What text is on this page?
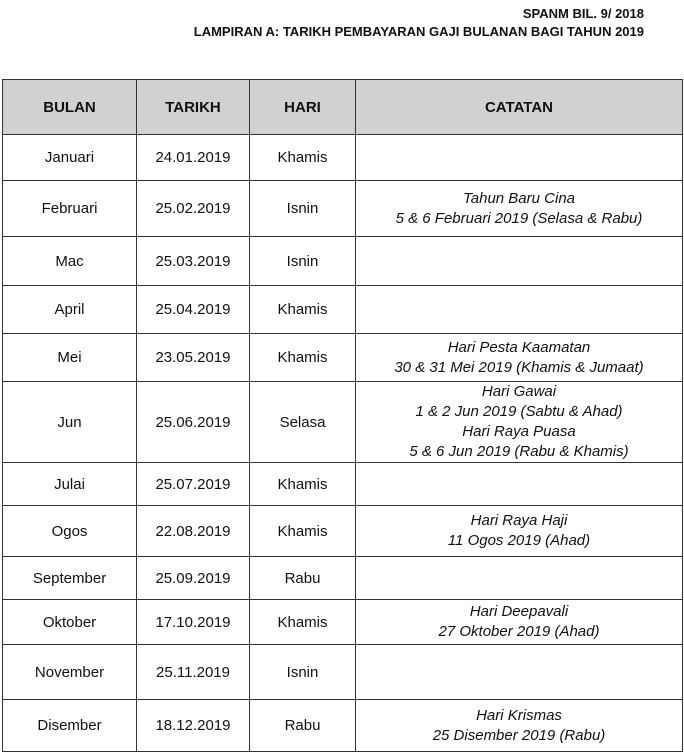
SPANM BIL. 9/ 2018
LAMPIRAN A: TARIKH PEMBAYARAN GAJI BULANAN BAGI TAHUN 2019
BULAN	TARIKH	HARI	CATATAN
Januari	24.01.2019	Khamis	
Februari	25.02.2019	Isnin	Tahun Baru Cina
5 & 6 Februari 2019 (Selasa & Rabu)

Mac	25.03.2019	Isnin	
April	25.04.2019	Khamis	
Mei	23.05.2019	Khamis	Hari Pesta Kaamatan
30 & 31 Mei 2019 (Khamis & Jumaat)

Jun	25.06.2019	Selasa	Hari Gawai
1 & 2 Jun 2019 (Sabtu & Ahad)
Hari Raya Puasa
5 & 6 Jun 2019 (Rabu & Khamis)

Julai	25.07.2019	Khamis	
Ogos	22.08.2019	Khamis	Hari Raya Haji
11 Ogos 2019 (Ahad)

September	25.09.2019	Rabu	
Oktober	17.10.2019	Khamis	Hari Deepavali
27 Oktober 2019 (Ahad)

November	25.11.2019	Isnin	
Disember	18.12.2019	Rabu	Hari Krismas
25 Disember 2019 (Rabu)
